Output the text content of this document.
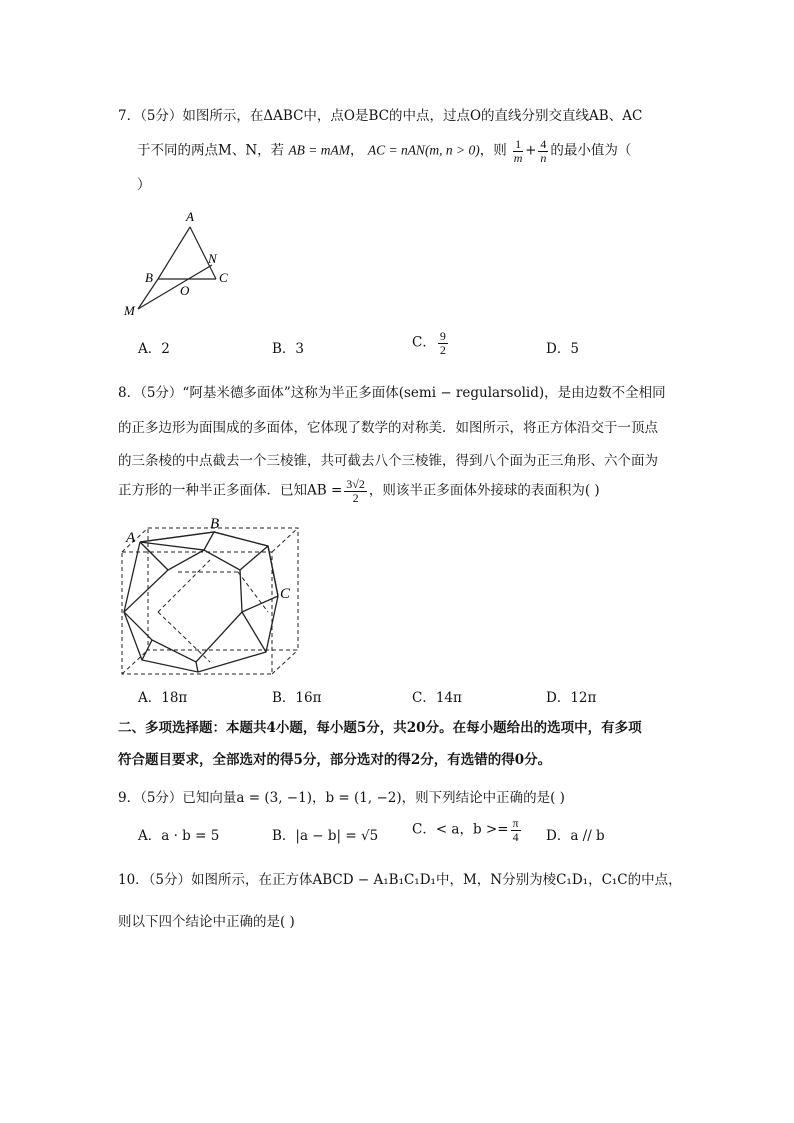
7．（5分）如图所示，在ΔABC中，点O是BC的中点，过点O的直线分别交直线AB、AC
于不同的两点M、N，若 AB = mAM， AC = nAN(m, n > 0)，则 $\frac{1}{m} + \frac{4}{n}$ 的最小值为（
）
A
B	C
N
O
M
A．2	B．3	C． $\frac{9}{2}$	D．5
8．（5分）“阿基米德多面体”这称为半正多面体(semi − regularsolid)，是由边数不全相同
的正多边形为面围成的多面体，它体现了数学的对称美．如图所示，将正方体沿交于一顶点
的三条棱的中点截去一个三棱锥，共可截去八个三棱锥，得到八个面为正三角形、六个面为
正方形的一种半正多面体．已知AB = $\frac{3√2}{2}$ ，则该半正多面体外接球的表面积为( )
A
B
C
A．18π	B．16π	C．14π	D．12π
二、多项选择题：本题共4小题，每小题5分，共20分。在每小题给出的选项中，有多项
符合题目要求，全部选对的得5分，部分选对的得2分，有选错的得0分。
9．（5分）已知向量a = (3, −1)，b = (1, −2)，则下列结论中正确的是( )
A．a · b = 5	B．|a − b| = √5	C．< a，$b >= \frac{\pi}{4}$ D．a // b
10．（5分）如图所示，在正方体ABCD − A₁B₁C₁D₁中，M，N分别为棱C₁D₁，C₁C的中点，
则以下四个结论中正确的是( )
